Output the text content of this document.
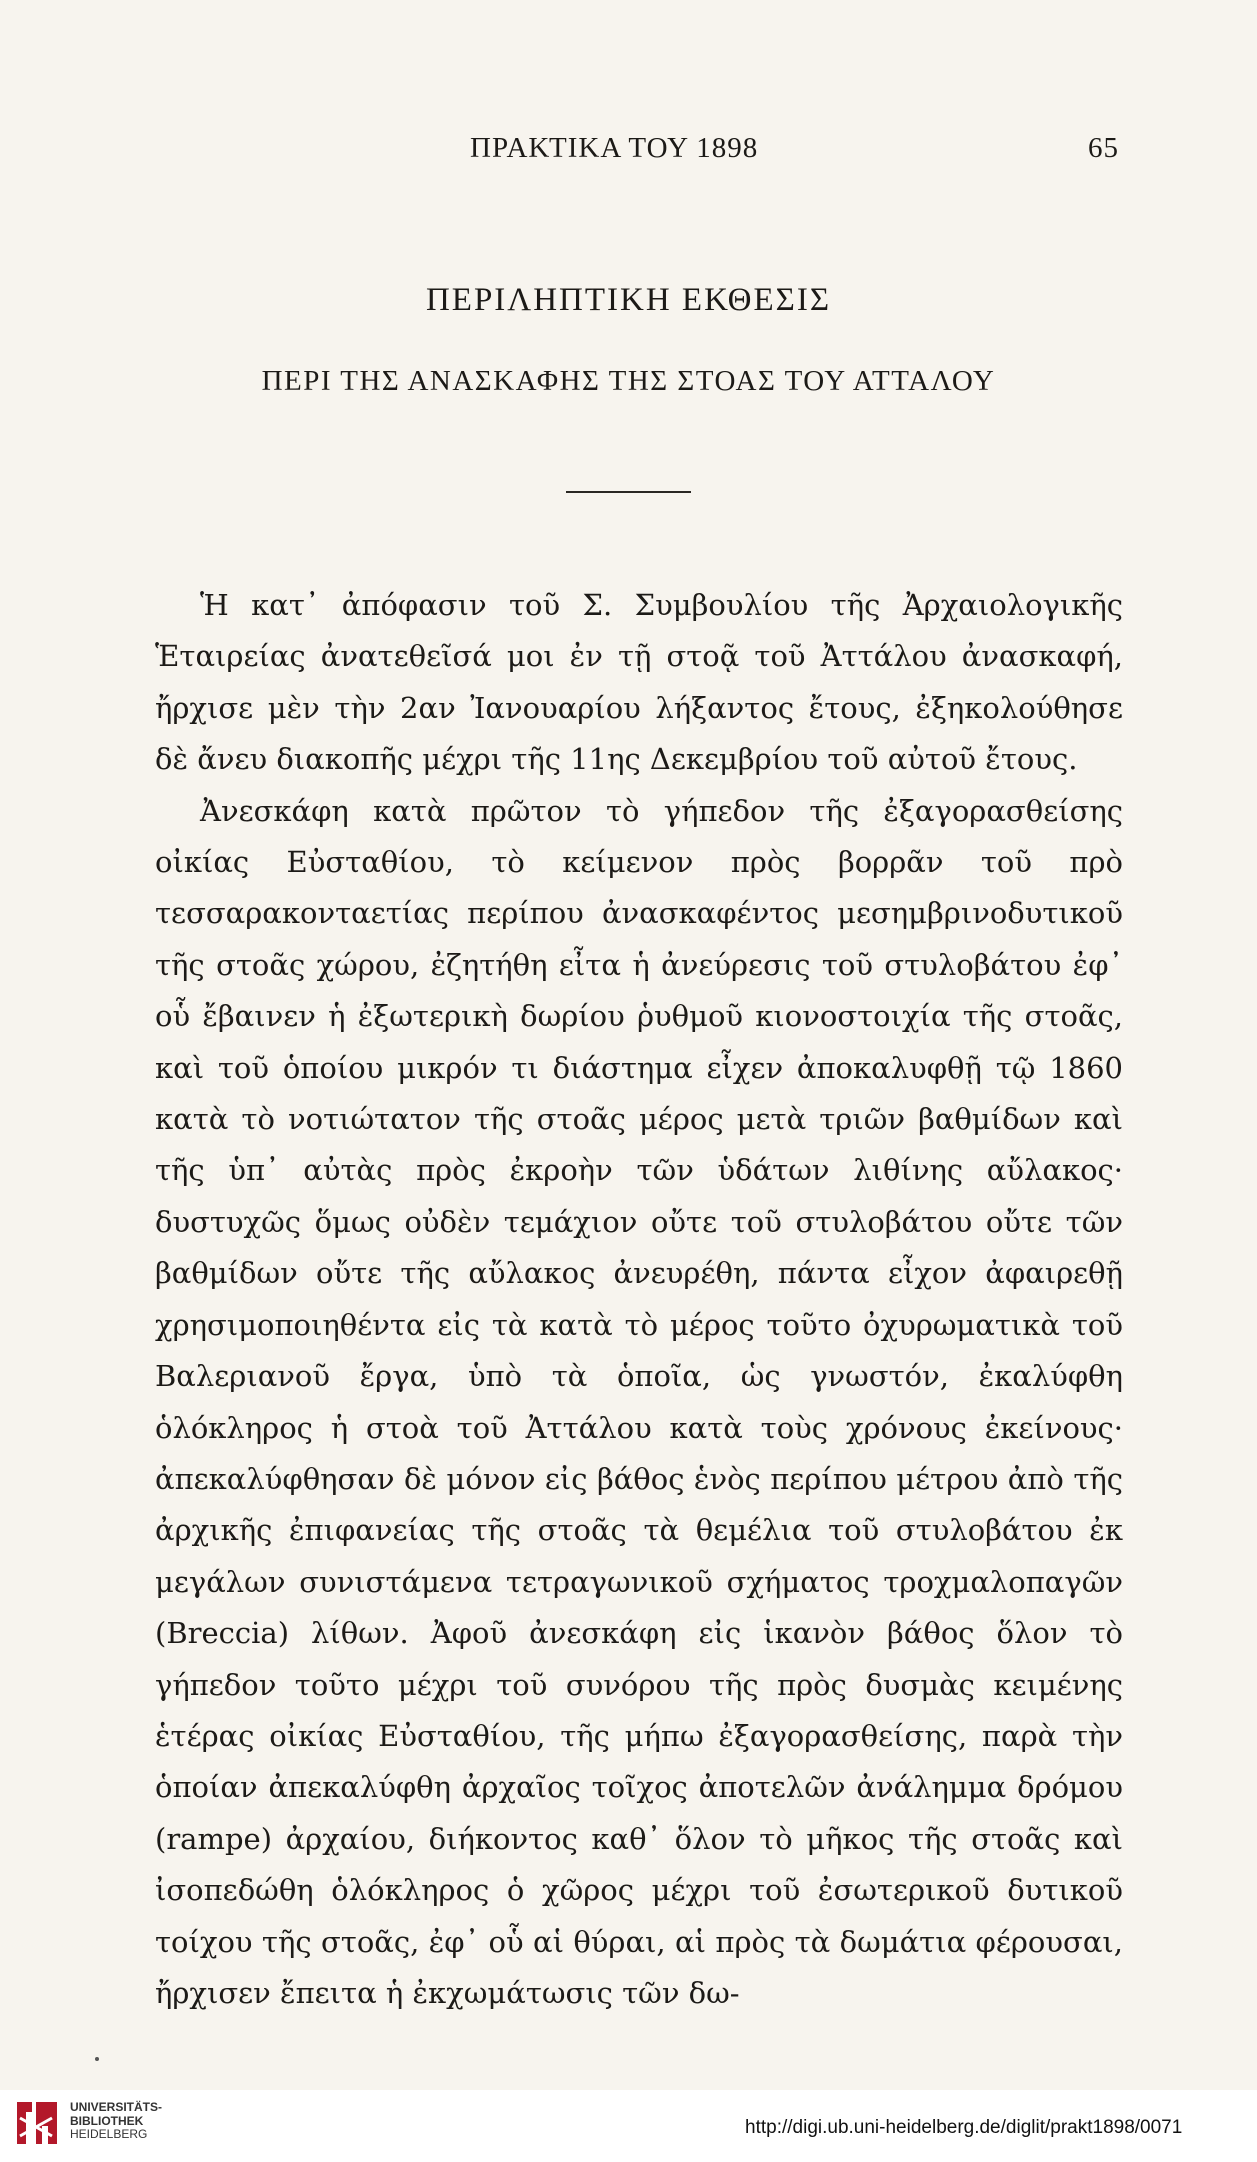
ΠΡΑΚΤΙΚΑ ΤΟΥ 1898	65
ΠΕΡΙΛΗΠΤΙΚΗ ΕΚΘΕΣΙΣ
ΠΕΡΙ ΤΗΣ ΑΝΑΣΚΑΦΗΣ ΤΗΣ ΣΤΟΑΣ ΤΟΥ ΑΤΤΑΛΟΥ

Ἡ κατ᾿ ἀπόφασιν τοῦ Σ. Συμβουλίου τῆς Ἀρχαιολογικῆς Ἑταιρείας ἀνατεθεῖσά μοι ἐν τῇ στοᾷ τοῦ Ἀττάλου ἀνασκαφή, ἤρχισε μὲν τὴν 2αν Ἰανουαρίου λήξαντος ἔτους, ἐξηκολούθησε δὲ ἄνευ διακοπῆς μέχρι τῆς 11ης Δεκεμβρίου τοῦ αὐτοῦ ἔτους.

Ἀνεσκάφη κατὰ πρῶτον τὸ γήπεδον τῆς ἐξαγορασθείσης οἰκίας Εὐσταθίου, τὸ κείμενον πρὸς βορρᾶν τοῦ πρὸ τεσσαρακονταετίας περίπου ἀνασκαφέντος μεσημβρινοδυτικοῦ τῆς στοᾶς χώρου, ἐζητήθη εἶτα ἡ ἀνεύρεσις τοῦ στυλοβάτου ἐφ᾿ οὗ ἔβαινεν ἡ ἐξωτερικὴ δωρίου ῥυθμοῦ κιονοστοιχία τῆς στοᾶς, καὶ τοῦ ὁποίου μικρόν τι διάστημα εἶχεν ἀποκαλυφθῇ τῷ 1860 κατὰ τὸ νοτιώτατον τῆς στοᾶς μέρος μετὰ τριῶν βαθμίδων καὶ τῆς ὑπ᾿ αὐτὰς πρὸς ἐκροὴν τῶν ὑδάτων λιθίνης αὔλακος· δυστυχῶς ὅμως οὐδὲν τεμάχιον οὔτε τοῦ στυλοβάτου οὔτε τῶν βαθμίδων οὔτε τῆς αὔλακος ἀνευρέθη, πάντα εἶχον ἀφαιρεθῇ χρησιμοποιηθέντα εἰς τὰ κατὰ τὸ μέρος τοῦτο ὀχυρωματικὰ τοῦ Βαλεριανοῦ ἔργα, ὑπὸ τὰ ὁποῖα, ὡς γνωστόν, ἐκαλύφθη ὁλόκληρος ἡ στοὰ τοῦ Ἀττάλου κατὰ τοὺς χρόνους ἐκείνους· ἀπεκαλύφθησαν δὲ μόνον εἰς βάθος ἑνὸς περίπου μέτρου ἀπὸ τῆς ἀρχικῆς ἐπιφανείας τῆς στοᾶς τὰ θεμέλια τοῦ στυλοβάτου ἐκ μεγάλων συνιστάμενα τετραγωνικοῦ σχήματος τροχμαλοπαγῶν (Breccia) λίθων. Ἀφοῦ ἀνεσκάφη εἰς ἱκανὸν βάθος ὅλον τὸ γήπεδον τοῦτο μέχρι τοῦ συνόρου τῆς πρὸς δυσμὰς κειμένης ἑτέρας οἰκίας Εὐσταθίου, τῆς μήπω ἐξαγορασθείσης, παρὰ τὴν ὁποίαν ἀπεκαλύφθη ἀρχαῖος τοῖχος ἀποτελῶν ἀνάλημμα δρόμου (rampe) ἀρχαίου, διήκοντος καθ᾿ ὅλον τὸ μῆκος τῆς στοᾶς καὶ ἰσοπεδώθη ὁλόκληρος ὁ χῶρος μέχρι τοῦ ἐσωτερικοῦ δυτικοῦ τοίχου τῆς στοᾶς, ἐφ᾿ οὗ αἱ θύραι, αἱ πρὸς τὰ δωμάτια φέρουσαι, ἤρχισεν ἔπειτα ἡ ἐκχωμάτωσις τῶν δω-

UNIVERSITÄTS-
BIBLIOTHEK
HEIDELBERG	http://digi.ub.uni-heidelberg.de/diglit/prakt1898/0071
